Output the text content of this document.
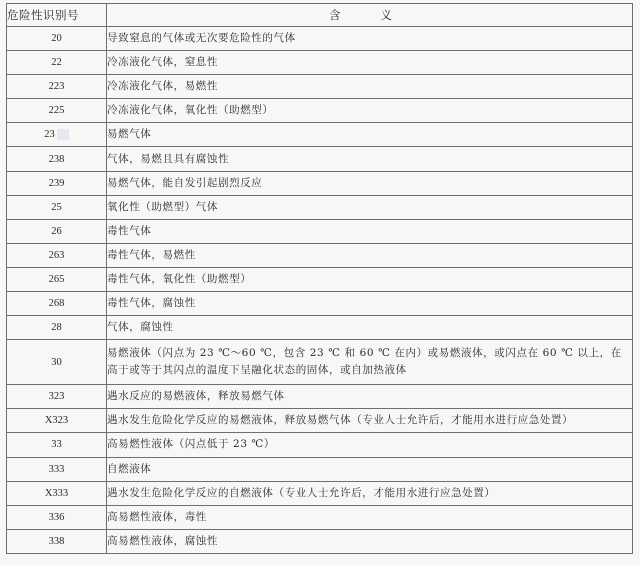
危险性识别号	含 义
20	导致窒息的气体或无次要危险性的气体
22	冷冻液化气体，窒息性
223	冷冻液化气体，易燃性
225	冷冻液化气体，氧化性（助燃型）
23	易燃气体
238	气体，易燃且具有腐蚀性
239	易燃气体，能自发引起剧烈反应
25	氧化性（助燃型）气体
26	毒性气体
263	毒性气体，易燃性
265	毒性气体，氧化性（助燃型）
268	毒性气体，腐蚀性
28	气体，腐蚀性
30	易燃液体（闪点为 23 ℃～60 ℃，包含 23 ℃ 和 60 ℃ 在内）或易燃液体，或闪点在 60 ℃ 以上，在高于或等于其闪点的温度下呈融化状态的固体，或自加热液体
323	遇水反应的易燃液体，释放易燃气体
X323	遇水发生危险化学反应的易燃液体，释放易燃气体（专业人士允许后，才能用水进行应急处置）
33	高易燃性液体（闪点低于 23 ℃）
333	自燃液体
X333	遇水发生危险化学反应的自燃液体（专业人士允许后，才能用水进行应急处置）
336	高易燃性液体，毒性
338	高易燃性液体，腐蚀性
